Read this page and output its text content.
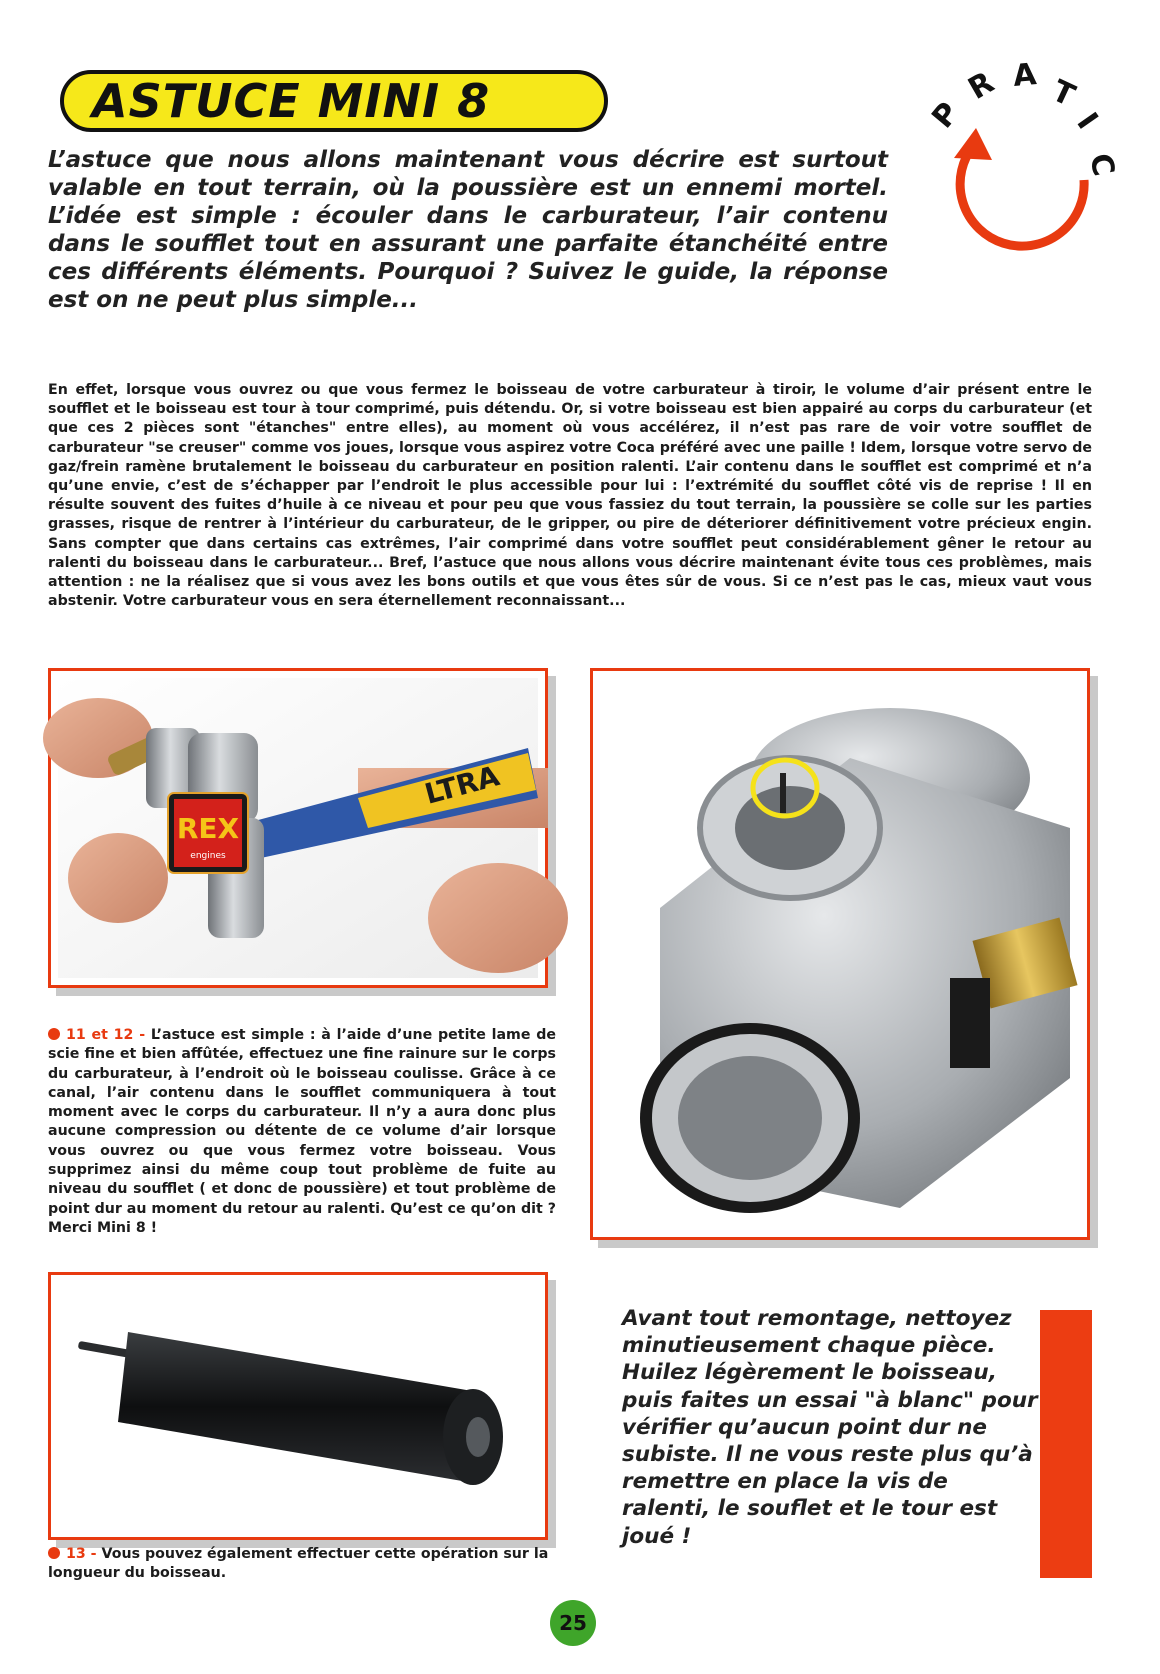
ASTUCE MINI 8	P
R A T
I
C

L’astuce que nous allons maintenant vous décrire est surtout valable en tout terrain, où la poussière est un ennemi mortel. L’idée est simple : écouler dans le carburateur, l’air contenu dans le soufflet tout en assurant une parfaite étanchéité entre ces différents éléments. Pourquoi ? Suivez le guide, la réponse est on ne peut plus simple...

En effet, lorsque vous ouvrez ou que vous fermez le boisseau de votre carburateur à tiroir, le volume d’air présent entre le soufflet et le boisseau est tour à tour comprimé, puis détendu. Or, si votre boisseau est bien appairé au corps du carburateur (et que ces 2 pièces sont "étanches" entre elles), au moment où vous accélérez, il n’est pas rare de voir votre soufflet de carburateur "se creuser" comme vos joues, lorsque vous aspirez votre Coca préféré avec une paille ! Idem, lorsque votre servo de gaz/frein ramène brutalement le boisseau du carburateur en position ralenti. L’air contenu dans le soufflet est comprimé et n’a qu’une envie, c’est de s’échapper par l’endroit le plus accessible pour lui : l’extrémité du soufflet côté vis de reprise ! Il en résulte souvent des fuites d’huile à ce niveau et pour peu que vous fassiez du tout terrain, la poussière se colle sur les parties grasses, risque de rentrer à l’intérieur du carburateur, de le gripper, ou pire de déteriorer définitivement votre précieux engin. Sans compter que dans certains cas extrêmes, l’air comprimé dans votre soufflet peut considérablement gêner le retour au ralenti du boisseau dans le carburateur... Bref, l’astuce que nous allons vous décrire maintenant évite tous ces problèmes, mais attention : ne la réalisez que si vous avez les bons outils et que vous êtes sûr de vous. Si ce n’est pas le cas, mieux vaut vous abstenir. Votre carburateur vous en sera éternellement reconnaissant...

LTRA
REX
engines

11 et 12 - L’astuce est simple : à l’aide d’une petite lame de scie fine et bien affûtée, effectuez une fine rainure sur le corps du carburateur, à l’endroit où le boisseau coulisse. Grâce à ce canal, l’air contenu dans le soufflet communiquera à tout moment avec le corps du carburateur. Il n’y a aura donc plus aucune compression ou détente de ce volume d’air lorsque vous ouvrez ou que vous fermez votre boisseau. Vous supprimez ainsi du même coup tout problème de fuite au niveau du soufflet ( et donc de poussière) et tout problème de point dur au moment du retour au ralenti. Qu’est ce qu’on dit ? Merci Mini 8 !

13 - Vous pouvez également effectuer cette opération sur la longueur du boisseau.

Avant tout remontage, nettoyez minutieusement chaque pièce. Huilez légèrement le boisseau, puis faites un essai "à blanc" pour vérifier qu’aucun point dur ne subiste. Il ne vous reste plus qu’à remettre en place la vis de ralenti, le souflet et le tour est joué !

25
